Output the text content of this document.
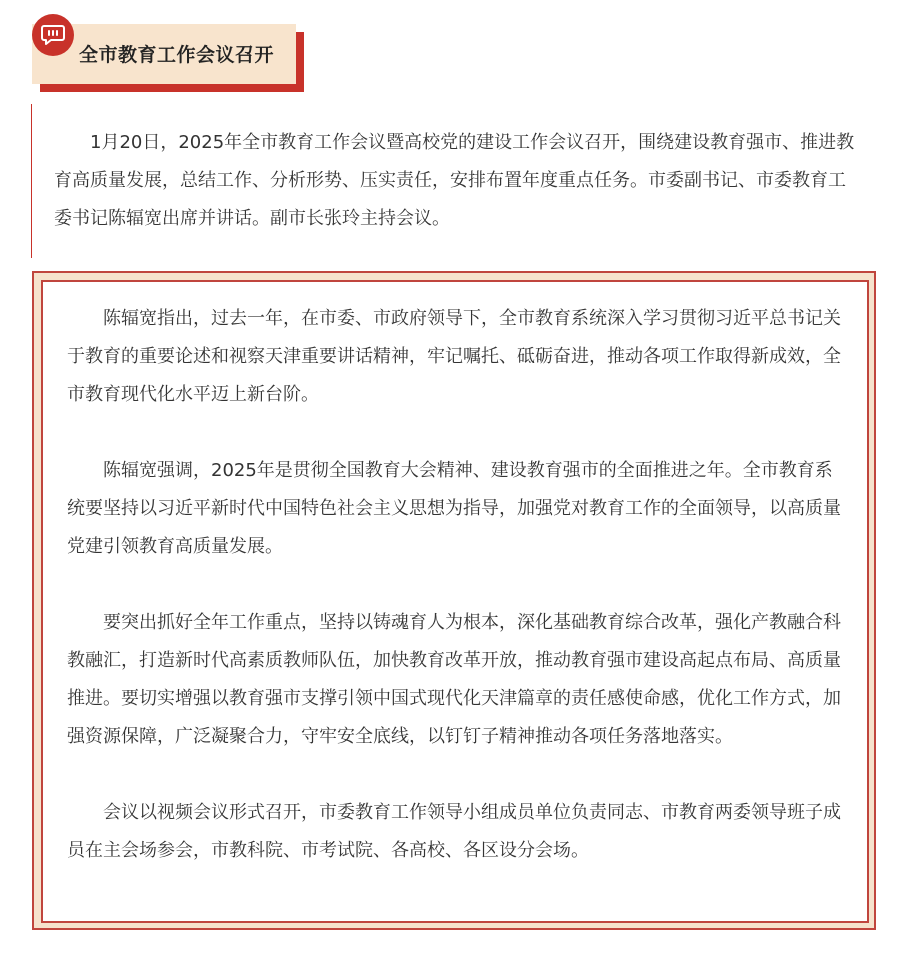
全市教育工作会议召开

1月20日，2025年全市教育工作会议暨高校党的建设工作会议召开，围绕建设教育强市、推进教育高质量发展，总结工作、分析形势、压实责任，安排布置年度重点任务。市委副书记、市委教育工委书记陈辐宽出席并讲话。副市长张玲主持会议。

陈辐宽指出，过去一年，在市委、市政府领导下，全市教育系统深入学习贯彻习近平总书记关于教育的重要论述和视察天津重要讲话精神，牢记嘱托、砥砺奋进，推动各项工作取得新成效，全市教育现代化水平迈上新台阶。

陈辐宽强调，2025年是贯彻全国教育大会精神、建设教育强市的全面推进之年。全市教育系统要坚持以习近平新时代中国特色社会主义思想为指导，加强党对教育工作的全面领导，以高质量党建引领教育高质量发展。

要突出抓好全年工作重点，坚持以铸魂育人为根本，深化基础教育综合改革，强化产教融合科教融汇，打造新时代高素质教师队伍，加快教育改革开放，推动教育强市建设高起点布局、高质量推进。要切实增强以教育强市支撑引领中国式现代化天津篇章的责任感使命感，优化工作方式，加强资源保障，广泛凝聚合力，守牢安全底线，以钉钉子精神推动各项任务落地落实。

会议以视频会议形式召开，市委教育工作领导小组成员单位负责同志、市教育两委领导班子成员在主会场参会，市教科院、市考试院、各高校、各区设分会场。
